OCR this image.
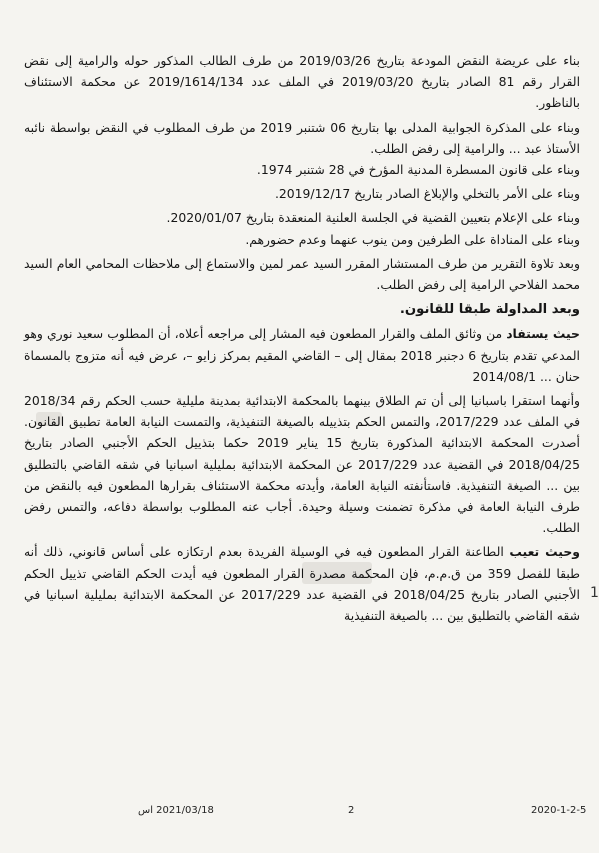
بناء على عريضة النقض المودعة بتاريخ 2019/03/26 من طرف الطالب المذكور حوله والرامية إلى نقض القرار رقم 81 الصادر بتاريخ 2019/03/20 في الملف عدد 2019/1614/134 عن محكمة الاستئناف بالناظور.

وبناء على المذكرة الجوابية المدلى بها بتاريخ 06 شتنبر 2019 من طرف المطلوب في النقض بواسطة نائبه الأستاذ عبد ... والرامية إلى رفض الطلب.

وبناء على قانون المسطرة المدنية المؤرخ في 28 شتنبر 1974.

وبناء على الأمر بالتخلي والإبلاغ الصادر بتاريخ 2019/12/17.

وبناء على الإعلام بتعيين القضية في الجلسة العلنية المنعقدة بتاريخ 2020/01/07.

وبناء على المناداة على الطرفين ومن ينوب عنهما وعدم حضورهم.

وبعد تلاوة التقرير من طرف المستشار المقرر السيد عمر لمين والاستماع إلى ملاحظات المحامي العام السيد محمد الفلاحي الرامية إلى رفض الطلب.

وبعد المداولة طبقا للقانون.

حيث يستفاد من وثائق الملف والقرار المطعون فيه المشار إلى مراجعه أعلاه، أن المطلوب سعيد نوري وهو المدعي تقدم بتاريخ 6 دجنبر 2018 بمقال إلى – القاضي المقيم بمركز زايو –، عرض فيه أنه متزوج بالمسماة حنان ... 2014/08/1

وأنهما استقرا باسبانيا إلى أن تم الطلاق بينهما بالمحكمة الابتدائية بمدينة مليلية حسب الحكم رقم 2018/34 في الملف عدد 2017/229، والتمس الحكم بتذييله بالصيغة التنفيذية، والتمست النيابة العامة تطبيق القانون. أصدرت المحكمة الابتدائية المذكورة بتاريخ 15 يناير 2019 حكما بتذييل الحكم الأجنبي الصادر بتاريخ 2018/04/25 في القضية عدد 2017/229 عن المحكمة الابتدائية بمليلية اسبانيا في شقه القاضي بالتطليق بين ... الصيغة التنفيذية. فاستأنفته النيابة العامة، وأيدته محكمة الاستئناف بقرارها المطعون فيه بالنقض من طرف النيابة العامة في مذكرة تضمنت وسيلة وحيدة. أجاب عنه المطلوب بواسطة دفاعه، والتمس رفض الطلب.

وحيث تعيب الطاعنة القرار المطعون فيه في الوسيلة الفريدة بعدم ارتكازه على أساس قانوني، ذلك أنه طبقا للفصل 359 من ق.م.م، فإن المحكمة مصدرة القرار المطعون فيه أيدت الحكم القاضي تذييل الحكم الأجنبي الصادر بتاريخ 2018/04/25 في القضية عدد 2017/229 عن المحكمة الابتدائية بمليلية اسبانيا في شقه القاضي بالتطليق بين ... بالصيغة التنفيذية

1
2020-1-2-5
2
2021/03/18 اس
